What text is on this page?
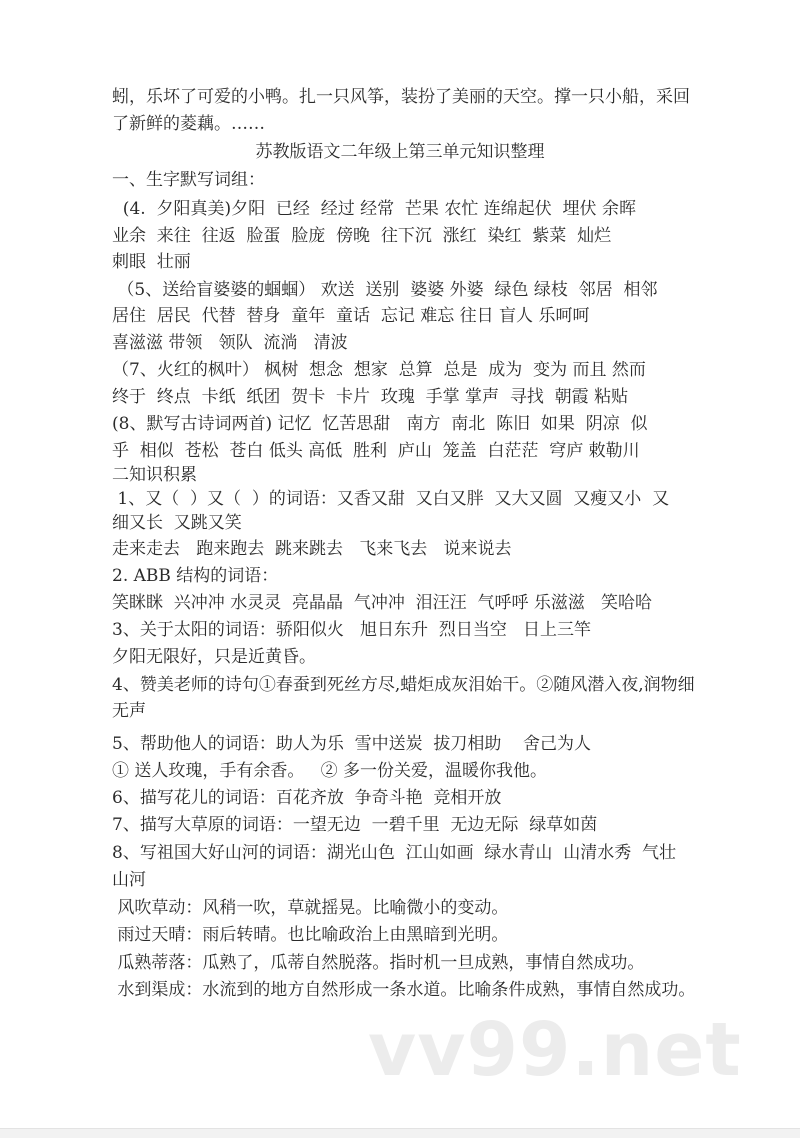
蚓，乐坏了可爱的小鸭。扎一只风筝，装扮了美丽的天空。撑一只小船，采回
了新鲜的菱藕。……
苏教版语文二年级上第三单元知识整理
一、生字默写词组：
(4.  夕阳真美)夕阳  已经  经过 经常  芒果 农忙 连绵起伏  埋伏 余晖
业余  来往  往返  脸蛋  脸庞  傍晚  往下沉  涨红  染红  紫菜  灿烂
刺眼  壮丽
（5、送给盲婆婆的蝈蝈） 欢送  送别  婆婆 外婆  绿色 绿枝  邻居  相邻
居住  居民  代替  替身  童年  童话  忘记 难忘 往日 盲人 乐呵呵
喜滋滋 带领   领队  流淌   清波
（7、火红的枫叶） 枫树  想念  想家  总算  总是  成为  变为 而且 然而
终于  终点  卡纸  纸团  贺卡  卡片  玫瑰  手掌 掌声  寻找  朝霞 粘贴
(8、默写古诗词两首) 记忆  忆苦思甜   南方  南北  陈旧  如果  阴凉  似
乎  相似  苍松  苍白 低头 高低  胜利  庐山  笼盖  白茫茫  穹庐 敕勒川
二知识积累
1、又（  ）又（  ）的词语：又香又甜  又白又胖  又大又圆  又瘦又小  又
细又长  又跳又笑
走来走去   跑来跑去  跳来跳去   飞来飞去   说来说去
2. ABB 结构的词语：
笑眯眯  兴冲冲 水灵灵  亮晶晶  气冲冲  泪汪汪  气呼呼 乐滋滋   笑哈哈
3、关于太阳的词语：骄阳似火   旭日东升  烈日当空   日上三竿
夕阳无限好，只是近黄昏。
4、赞美老师的诗句①春蚕到死丝方尽,蜡炬成灰泪始干。②随风潜入夜,润物细
无声
5、帮助他人的词语：助人为乐  雪中送炭  拔刀相助    舍己为人
① 送人玫瑰，手有余香。   ② 多一份关爱，温暖你我他。
6、描写花儿的词语：百花齐放  争奇斗艳  竞相开放
7、描写大草原的词语：一望无边  一碧千里  无边无际  绿草如茵
8、写祖国大好山河的词语：湖光山色  江山如画  绿水青山  山清水秀  气壮
山河
风吹草动：风稍一吹，草就摇晃。比喻微小的变动。
雨过天晴：雨后转晴。也比喻政治上由黑暗到光明。
瓜熟蒂落：瓜熟了，瓜蒂自然脱落。指时机一旦成熟，事情自然成功。
水到渠成：水流到的地方自然形成一条水道。比喻条件成熟，事情自然成功。
vv99.net
